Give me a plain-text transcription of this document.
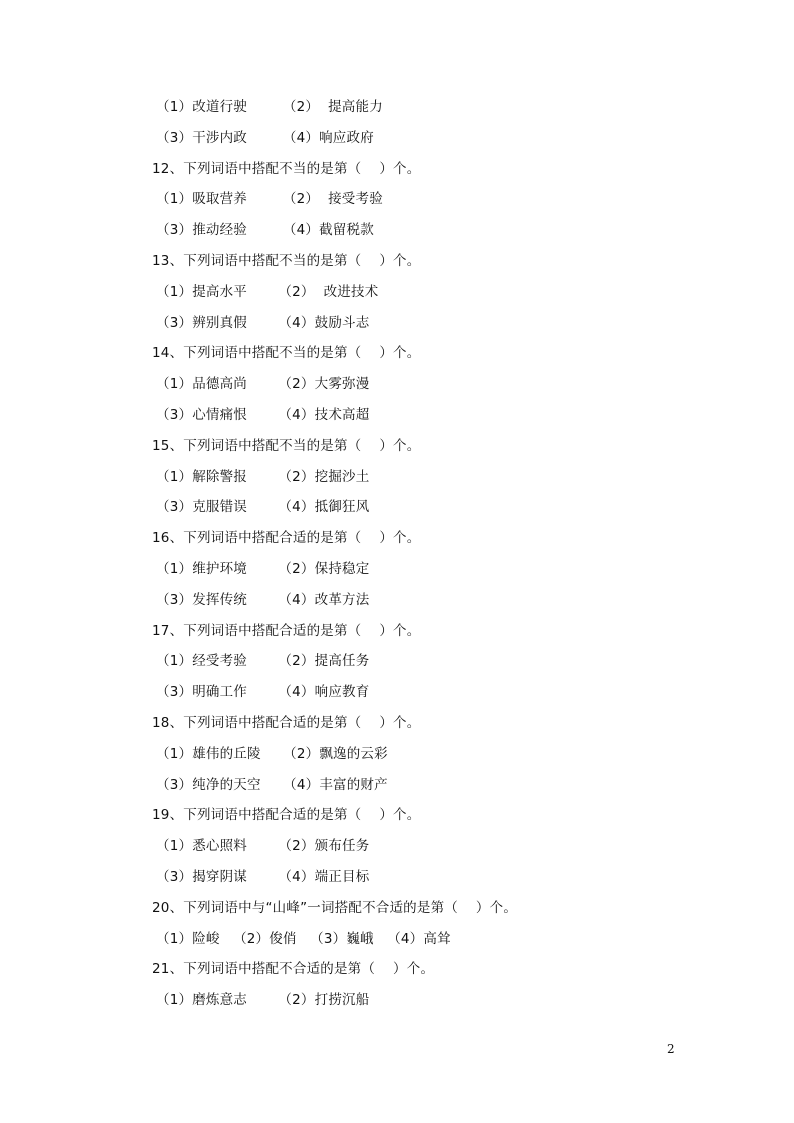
（1）改道行驶        （2）  提高能力
（3）干涉内政        （4）响应政府
12、下列词语中搭配不当的是第（    ）个。
（1）吸取营养        （2）  接受考验
（3）推动经验        （4）截留税款
13、下列词语中搭配不当的是第（    ）个。
（1）提高水平       （2）  改进技术
（3）辨别真假       （4）鼓励斗志
14、下列词语中搭配不当的是第（    ）个。
（1）品德高尚       （2）大雾弥漫
（3）心情痛恨       （4）技术高超
15、下列词语中搭配不当的是第（    ）个。
（1）解除警报       （2）挖掘沙土
（3）克服错误       （4）抵御狂风
16、下列词语中搭配合适的是第（    ）个。
（1）维护环境       （2）保持稳定
（3）发挥传统       （4）改革方法
17、下列词语中搭配合适的是第（    ）个。
（1）经受考验       （2）提高任务
（3）明确工作       （4）响应教育
18、下列词语中搭配合适的是第（    ）个。
（1）雄伟的丘陵     （2）飘逸的云彩
（3）纯净的天空     （4）丰富的财产
19、下列词语中搭配合适的是第（    ）个。
（1）悉心照料       （2）颁布任务
（3）揭穿阴谋       （4）端正目标
20、下列词语中与“山峰”一词搭配不合适的是第（    ）个。
（1）险峻   （2）俊俏   （3）巍峨   （4）高耸
21、下列词语中搭配不合适的是第（    ）个。
（1）磨炼意志       （2）打捞沉船
2
